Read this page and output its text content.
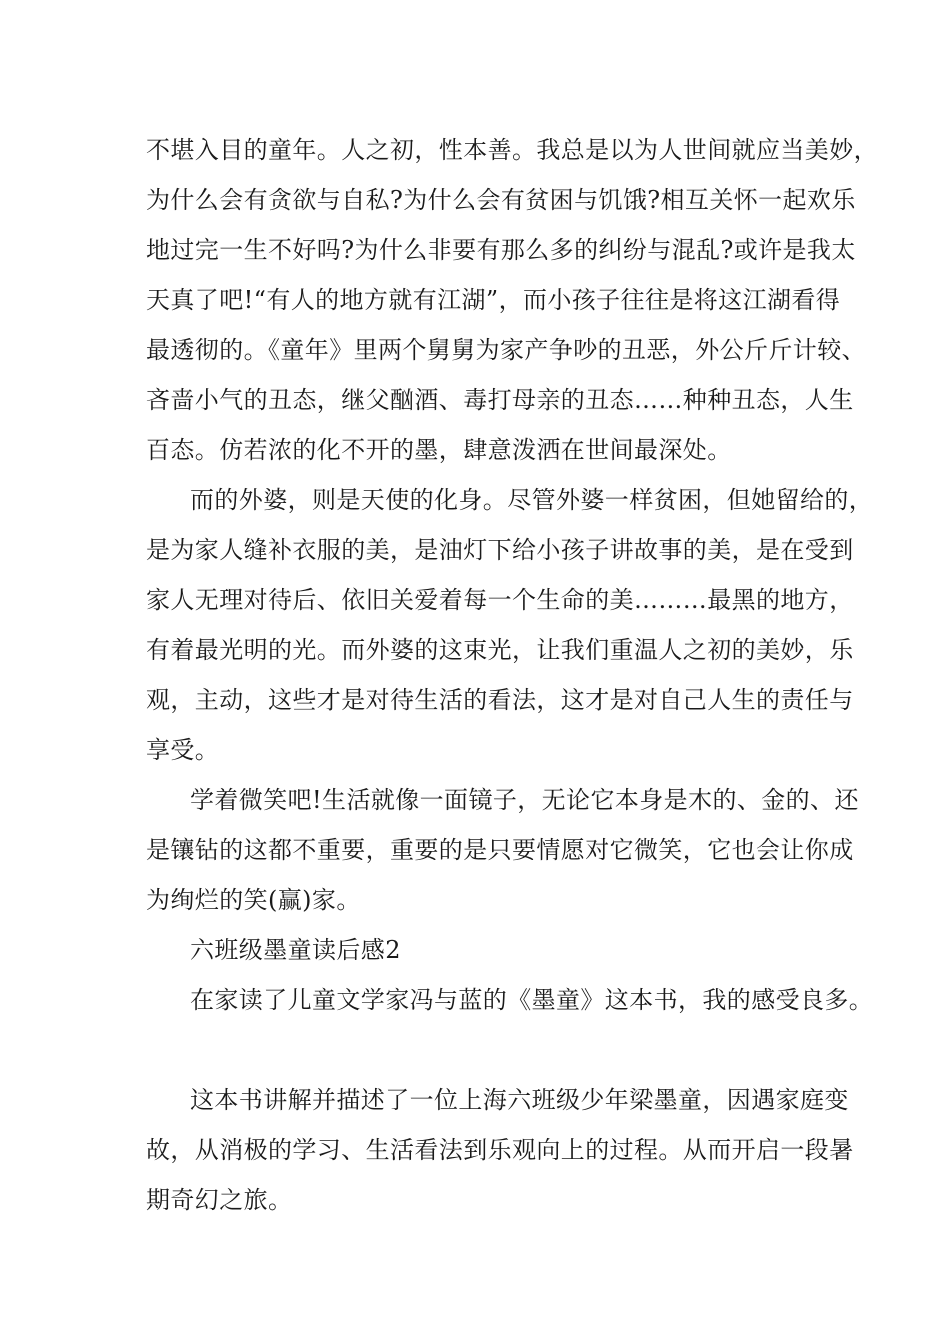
不堪入目的童年。人之初，性本善。我总是以为人世间就应当美妙，
为什么会有贪欲与自私?为什么会有贫困与饥饿?相互关怀一起欢乐
地过完一生不好吗?为什么非要有那么多的纠纷与混乱?或许是我太
天真了吧!“有人的地方就有江湖”，而小孩子往往是将这江湖看得
最透彻的。《童年》里两个舅舅为家产争吵的丑恶，外公斤斤计较、
吝啬小气的丑态，继父酗酒、毒打母亲的丑态……种种丑态，人生
百态。仿若浓的化不开的墨，肆意泼洒在世间最深处。
而的外婆，则是天使的化身。尽管外婆一样贫困，但她留给的，
是为家人缝补衣服的美，是油灯下给小孩子讲故事的美，是在受到
家人无理对待后、依旧关爱着每一个生命的美………最黑的地方，
有着最光明的光。而外婆的这束光，让我们重温人之初的美妙，乐
观，主动，这些才是对待生活的看法，这才是对自己人生的责任与
享受。
学着微笑吧!生活就像一面镜子，无论它本身是木的、金的、还
是镶钻的这都不重要，重要的是只要情愿对它微笑，它也会让你成
为绚烂的笑(赢)家。
六班级墨童读后感2
在家读了儿童文学家冯与蓝的《墨童》这本书，我的感受良多。
这本书讲解并描述了一位上海六班级少年梁墨童，因遇家庭变
故，从消极的学习、生活看法到乐观向上的过程。从而开启一段暑
期奇幻之旅。
